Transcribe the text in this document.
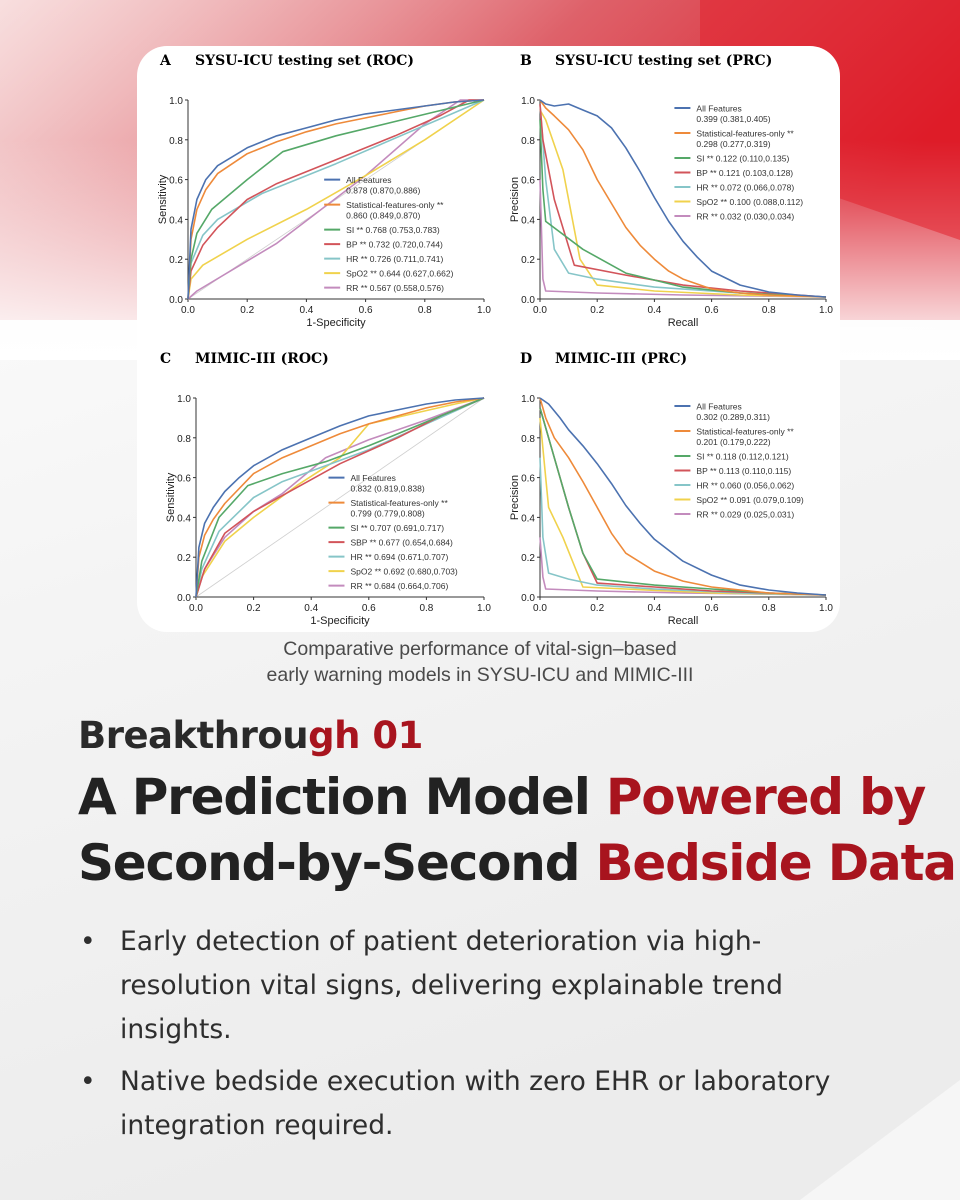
A SYSU-ICU testing set (ROC)
0.0	0.2	0.4	0.6	0.8	1.0
0.0
0.2
0.4
0.6
0.8
1.0
1-Specificity
Sensitivity	All Features
0.878 (0.870,0.886)
Statistical-features-only **
0.860 (0.849,0.870)
SI ** 0.768 (0.753,0.783)
BP ** 0.732 (0.720,0.744)
HR ** 0.726 (0.711,0.741)
SpO2 ** 0.644 (0.627,0.662)
RR ** 0.567 (0.558,0.576)
B SYSU-ICU testing set (PRC)
0.0	0.2	0.4	0.6	0.8	1.0
0.0
0.2
0.4
0.6
0.8
1.0
Recall
Precision
All Features
0.399 (0.381,0.405)
Statistical-features-only **
0.298 (0.277,0.319)
SI ** 0.122 (0.110,0.135)
BP ** 0.121 (0.103,0.128)
HR ** 0.072 (0.066,0.078)
SpO2 ** 0.100 (0.088,0.112)
RR ** 0.032 (0.030,0.034)
C MIMIC-III (ROC)
0.0	0.2	0.4	0.6	0.8	1.0
0.0
0.2
0.4
0.6
0.8
1.0
1-Specificity
Sensitivity	All Features
0.832 (0.819,0.838)
Statistical-features-only **
0.799 (0.779,0.808)
SI ** 0.707 (0.691,0.717)
SBP ** 0.677 (0.654,0.684)
HR ** 0.694 (0.671,0.707)
SpO2 ** 0.692 (0.680,0.703)
RR ** 0.684 (0.664,0.706)
D MIMIC-III (PRC)
0.0	0.2	0.4	0.6	0.8	1.0
0.0
0.2
0.4
0.6
0.8
1.0
Recall
Precision
All Features
0.302 (0.289,0.311)
Statistical-features-only **
0.201 (0.179,0.222)
SI ** 0.118 (0.112,0.121)
BP ** 0.113 (0.110,0.115)
HR ** 0.060 (0.056,0.062)
SpO2 ** 0.091 (0.079,0.109)
RR ** 0.029 (0.025,0.031)
Comparative performance of vital-sign–based
early warning models in SYSU-ICU and MIMIC-III
Breakthrough 01
A Prediction Model Powered by
Second-by-Second Bedside Data
• Early detection of patient deterioration via high-resolution vital signs, delivering explainable trend insights.
• Native bedside execution with zero EHR or laboratory integration required.
